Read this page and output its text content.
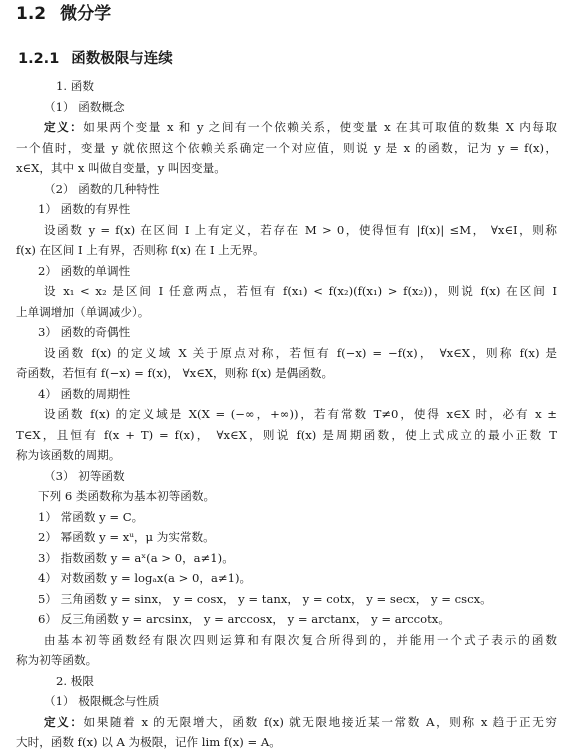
1.2 微分学
1.2.1 函数极限与连续
1. 函数
（1） 函数概念
定义：如果两个变量 x 和 y 之间有一个依赖关系，使变量 x 在其可取值的数集 X 内每取
一个值时，变量 y 就依照这个依赖关系确定一个对应值，则说 y 是 x 的函数，记为 y = f(x)，
x∈X，其中 x 叫做自变量，y 叫因变量。
（2） 函数的几种特性
1） 函数的有界性
设函数 y = f(x) 在区间 I 上有定义，若存在 M > 0，使得恒有 |f(x)| ≤M， ∀x∈I，则称
f(x) 在区间 I 上有界，否则称 f(x) 在 I 上无界。
2） 函数的单调性
设 x₁ < x₂ 是区间 I 任意两点，若恒有 f(x₁) < f(x₂)(f(x₁) > f(x₂))，则说 f(x) 在区间 I
上单调增加（单调减少）。
3） 函数的奇偶性
设函数 f(x) 的定义域 X 关于原点对称，若恒有 f(−x) = −f(x)， ∀x∈X，则称 f(x) 是
奇函数，若恒有 f(−x) = f(x)， ∀x∈X，则称 f(x) 是偶函数。
4） 函数的周期性
设函数 f(x) 的定义域是 X(X = (−∞，+∞))，若有常数 T≠0，使得 x∈X 时，必有 x ±
T∈X，且恒有 f(x + T) = f(x)， ∀x∈X，则说 f(x) 是周期函数，使上式成立的最小正数 T
称为该函数的周期。
（3） 初等函数
下列 6 类函数称为基本初等函数。
1） 常函数 y = C。
2） 幂函数 y = xᵘ，μ 为实常数。
3） 指数函数 y = aˣ(a > 0，a≠1)。
4） 对数函数 y = logₐx(a > 0，a≠1)。
5） 三角函数 y = sinx， y = cosx， y = tanx， y = cotx， y = secx， y = cscx。
6） 反三角函数 y = arcsinx， y = arccosx， y = arctanx， y = arccotx。
由基本初等函数经有限次四则运算和有限次复合所得到的，并能用一个式子表示的函数
称为初等函数。
2. 极限
（1） 极限概念与性质
定义：如果随着 x 的无限增大，函数 f(x) 就无限地接近某一常数 A，则称 x 趋于正无穷
大时，函数 f(x) 以 A 为极限，记作 lim f(x) = A。
